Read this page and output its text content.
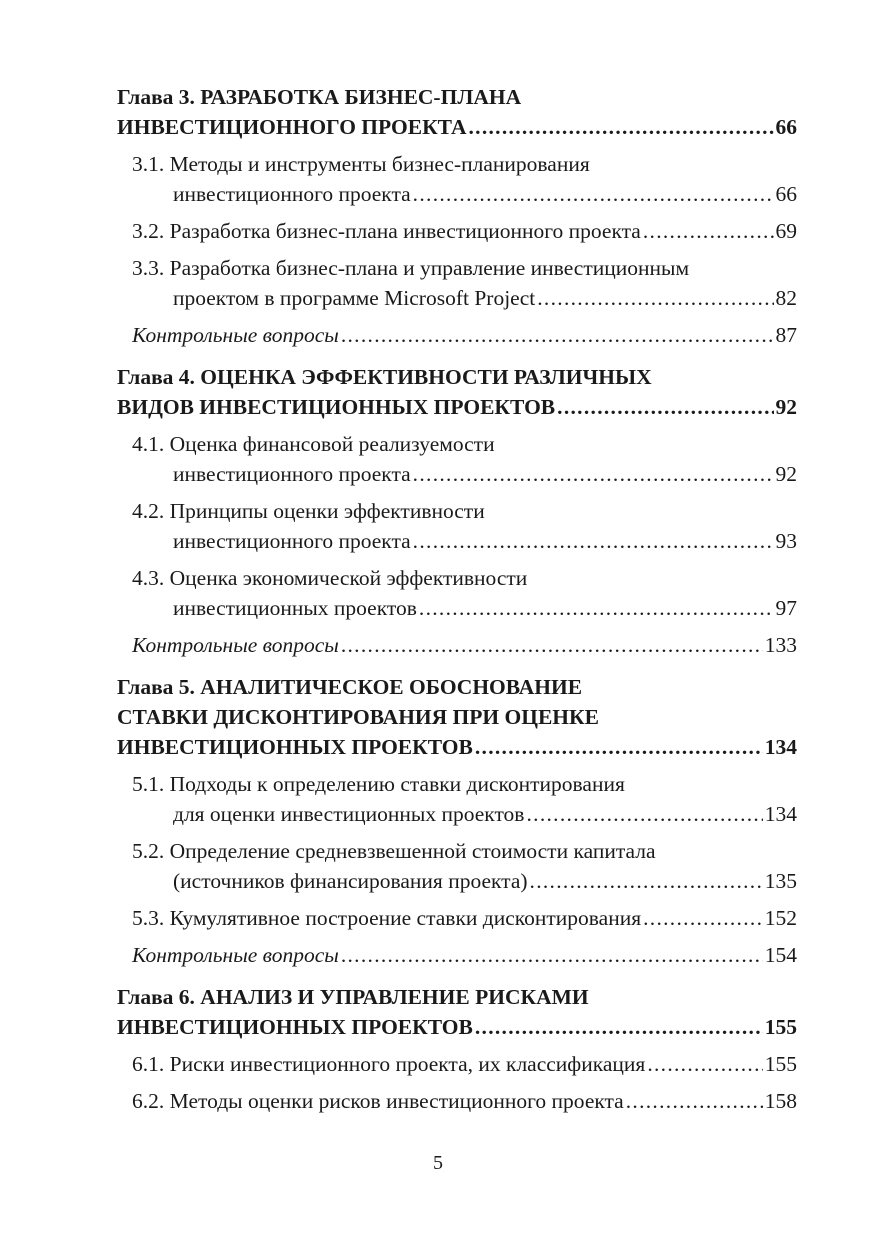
Глава 3. РАЗРАБОТКА БИЗНЕС-ПЛАНА
ИНВЕСТИЦИОННОГО ПРОЕКТА .....	66
3.1. Методы и инструменты бизнес-планирования
инвестиционного проекта .....	66
3.2. Разработка бизнес-плана инвестиционного проекта .....	69
3.3. Разработка бизнес-плана и управление инвестиционным
проектом в программе Microsoft Project .....	82
Контрольные вопросы .....	87
Глава 4. ОЦЕНКА ЭФФЕКТИВНОСТИ РАЗЛИЧНЫХ
ВИДОВ ИНВЕСТИЦИОННЫХ ПРОЕКТОВ .....	92
4.1. Оценка финансовой реализуемости
инвестиционного проекта .....	92
4.2. Принципы оценки эффективности
инвестиционного проекта .....	93
4.3. Оценка экономической эффективности
инвестиционных проектов .....	97
Контрольные вопросы .....	133
Глава 5. АНАЛИТИЧЕСКОЕ ОБОСНОВАНИЕ
СТАВКИ ДИСКОНТИРОВАНИЯ ПРИ ОЦЕНКЕ
ИНВЕСТИЦИОННЫХ ПРОЕКТОВ .....	134
5.1. Подходы к определению ставки дисконтирования
для оценки инвестиционных проектов .....	134
5.2. Определение средневзвешенной стоимости капитала
(источников финансирования проекта) .....	135
5.3. Кумулятивное построение ставки дисконтирования .....	152
Контрольные вопросы .....	154
Глава 6. АНАЛИЗ И УПРАВЛЕНИЕ РИСКАМИ
ИНВЕСТИЦИОННЫХ ПРОЕКТОВ .....	155
6.1. Риски инвестиционного проекта, их классификация .....	155
6.2. Методы оценки рисков инвестиционного проекта .....	158
5
